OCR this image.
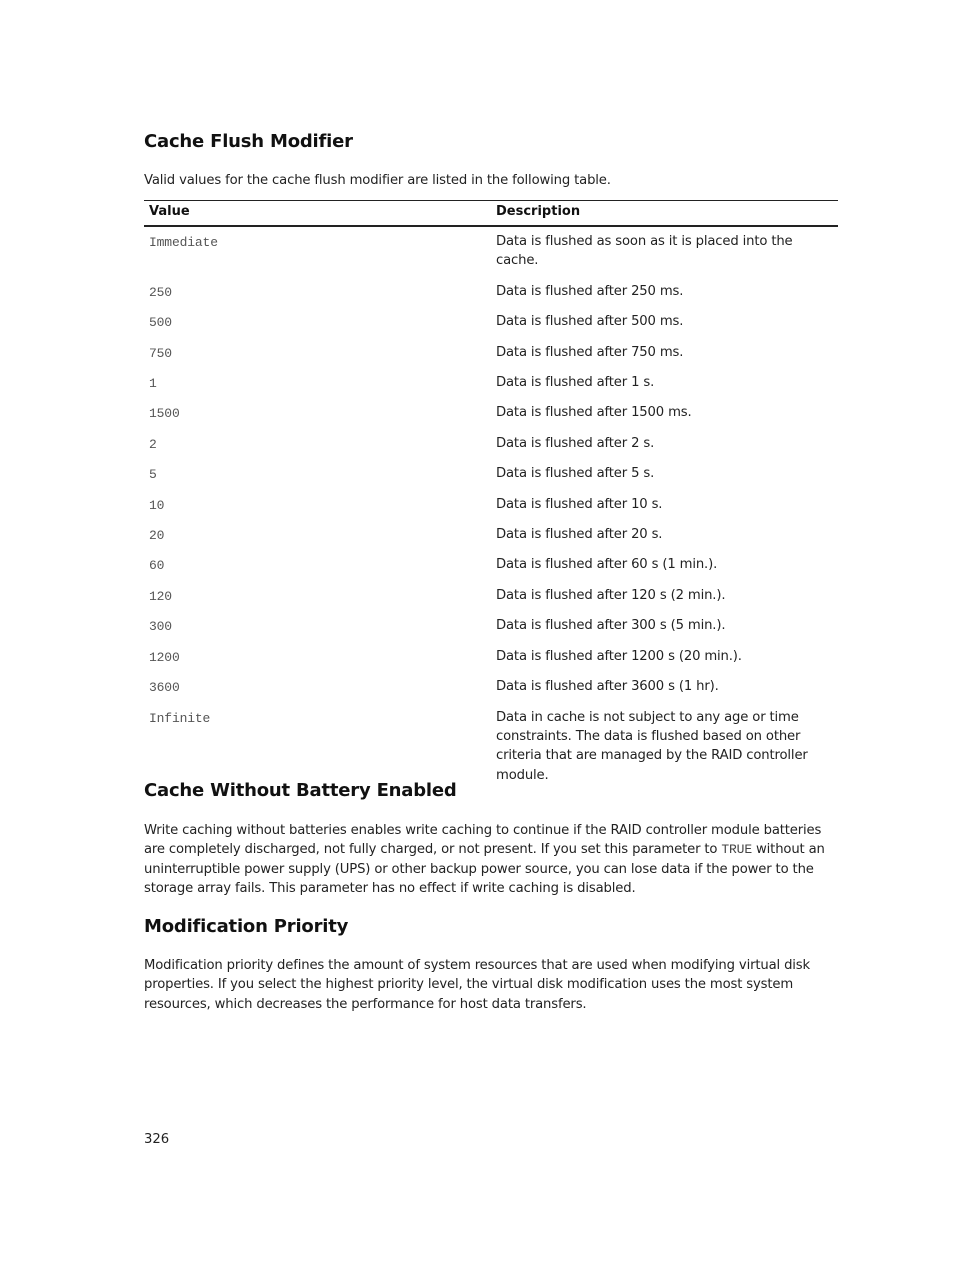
Cache Flush Modifier

Valid values for the cache flush modifier are listed in the following table.

Value	Description
Immediate	Data is flushed as soon as it is placed into the cache.
250	Data is flushed after 250 ms.
500	Data is flushed after 500 ms.
750	Data is flushed after 750 ms.
1	Data is flushed after 1 s.
1500	Data is flushed after 1500 ms.
2	Data is flushed after 2 s.
5	Data is flushed after 5 s.
10	Data is flushed after 10 s.
20	Data is flushed after 20 s.
60	Data is flushed after 60 s (1 min.).
120	Data is flushed after 120 s (2 min.).
300	Data is flushed after 300 s (5 min.).
1200	Data is flushed after 1200 s (20 min.).
3600	Data is flushed after 3600 s (1 hr).
Infinite	Data in cache is not subject to any age or time constraints. The data is flushed based on other criteria that are managed by the RAID controller module.
Cache Without Battery Enabled

Write caching without batteries enables write caching to continue if the RAID controller module batteries are completely discharged, not fully charged, or not present. If you set this parameter to TRUE without an uninterruptible power supply (UPS) or other backup power source, you can lose data if the power to the storage array fails. This parameter has no effect if write caching is disabled.

Modification Priority

Modification priority defines the amount of system resources that are used when modifying virtual disk properties. If you select the highest priority level, the virtual disk modification uses the most system resources, which decreases the performance for host data transfers.

326
